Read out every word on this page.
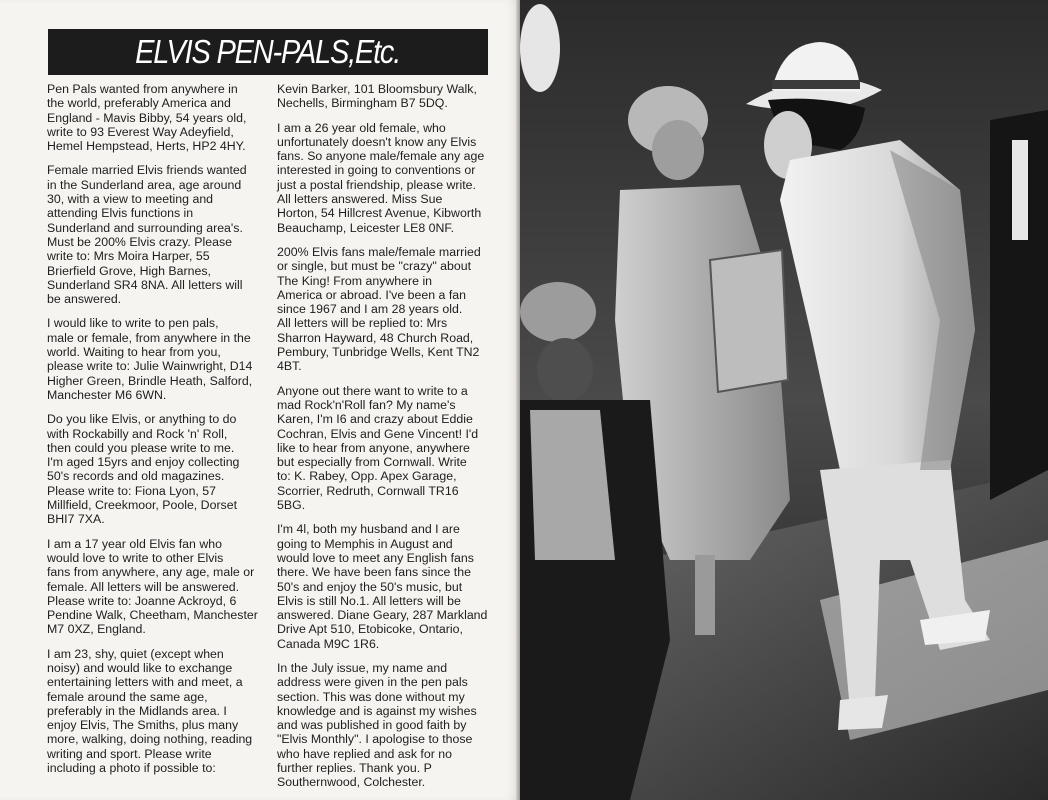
ELVIS PEN-PALS,Etc.

Pen Pals wanted from anywhere in
the world, preferably America and
England - Mavis Bibby, 54 years old,
write to 93 Everest Way Adeyfield,
Hemel Hempstead, Herts, HP2 4HY.

Female married Elvis friends wanted
in the Sunderland area, age around
30, with a view to meeting and
attending Elvis functions in
Sunderland and surrounding area's.
Must be 200% Elvis crazy. Please
write to: Mrs Moira Harper, 55
Brierfield Grove, High Barnes,
Sunderland SR4 8NA. All letters will
be answered.

I would like to write to pen pals,
male or female, from anywhere in the
world. Waiting to hear from you,
please write to: Julie Wainwright, D14
Higher Green, Brindle Heath, Salford,
Manchester M6 6WN.

Do you like Elvis, or anything to do
with Rockabilly and Rock 'n' Roll,
then could you please write to me.
I'm aged 15yrs and enjoy collecting
50's records and old magazines.
Please write to: Fiona Lyon, 57
Millfield, Creekmoor, Poole, Dorset
BHI7 7XA.

I am a 17 year old Elvis fan who
would love to write to other Elvis
fans from anywhere, any age, male or
female. All letters will be answered.
Please write to: Joanne Ackroyd, 6
Pendine Walk, Cheetham, Manchester
M7 0XZ, England.

I am 23, shy, quiet (except when
noisy) and would like to exchange
entertaining letters with and meet, a
female around the same age,
preferably in the Midlands area. I
enjoy Elvis, The Smiths, plus many
more, walking, doing nothing, reading
writing and sport. Please write
including a photo if possible to:

Kevin Barker, 101 Bloomsbury Walk,
Nechells, Birmingham B7 5DQ.

I am a 26 year old female, who
unfortunately doesn't know any Elvis
fans. So anyone male/female any age
interested in going to conventions or
just a postal friendship, please write.
All letters answered. Miss Sue
Horton, 54 Hillcrest Avenue, Kibworth
Beauchamp, Leicester LE8 0NF.

200% Elvis fans male/female married
or single, but must be "crazy" about
The King! From anywhere in
America or abroad. I've been a fan
since 1967 and I am 28 years old.
All letters will be replied to: Mrs
Sharron Hayward, 48 Church Road,
Pembury, Tunbridge Wells, Kent TN2
4BT.

Anyone out there want to write to a
mad Rock'n'Roll fan? My name's
Karen, I'm I6 and crazy about Eddie
Cochran, Elvis and Gene Vincent! I'd
like to hear from anyone, anywhere
but especially from Cornwall. Write
to: K. Rabey, Opp. Apex Garage,
Scorrier, Redruth, Cornwall TR16
5BG.

I'm 4l, both my husband and I are
going to Memphis in August and
would love to meet any English fans
there. We have been fans since the
50's and enjoy the 50's music, but
Elvis is still No.1. All letters will be
answered. Diane Geary, 287 Markland
Drive Apt 510, Etobicoke, Ontario,
Canada M9C 1R6.

In the July issue, my name and
address were given in the pen pals
section. This was done without my
knowledge and is against my wishes
and was published in good faith by
"Elvis Monthly". I apologise to those
who have replied and ask for no
further replies. Thank you. P
Southernwood, Colchester.
